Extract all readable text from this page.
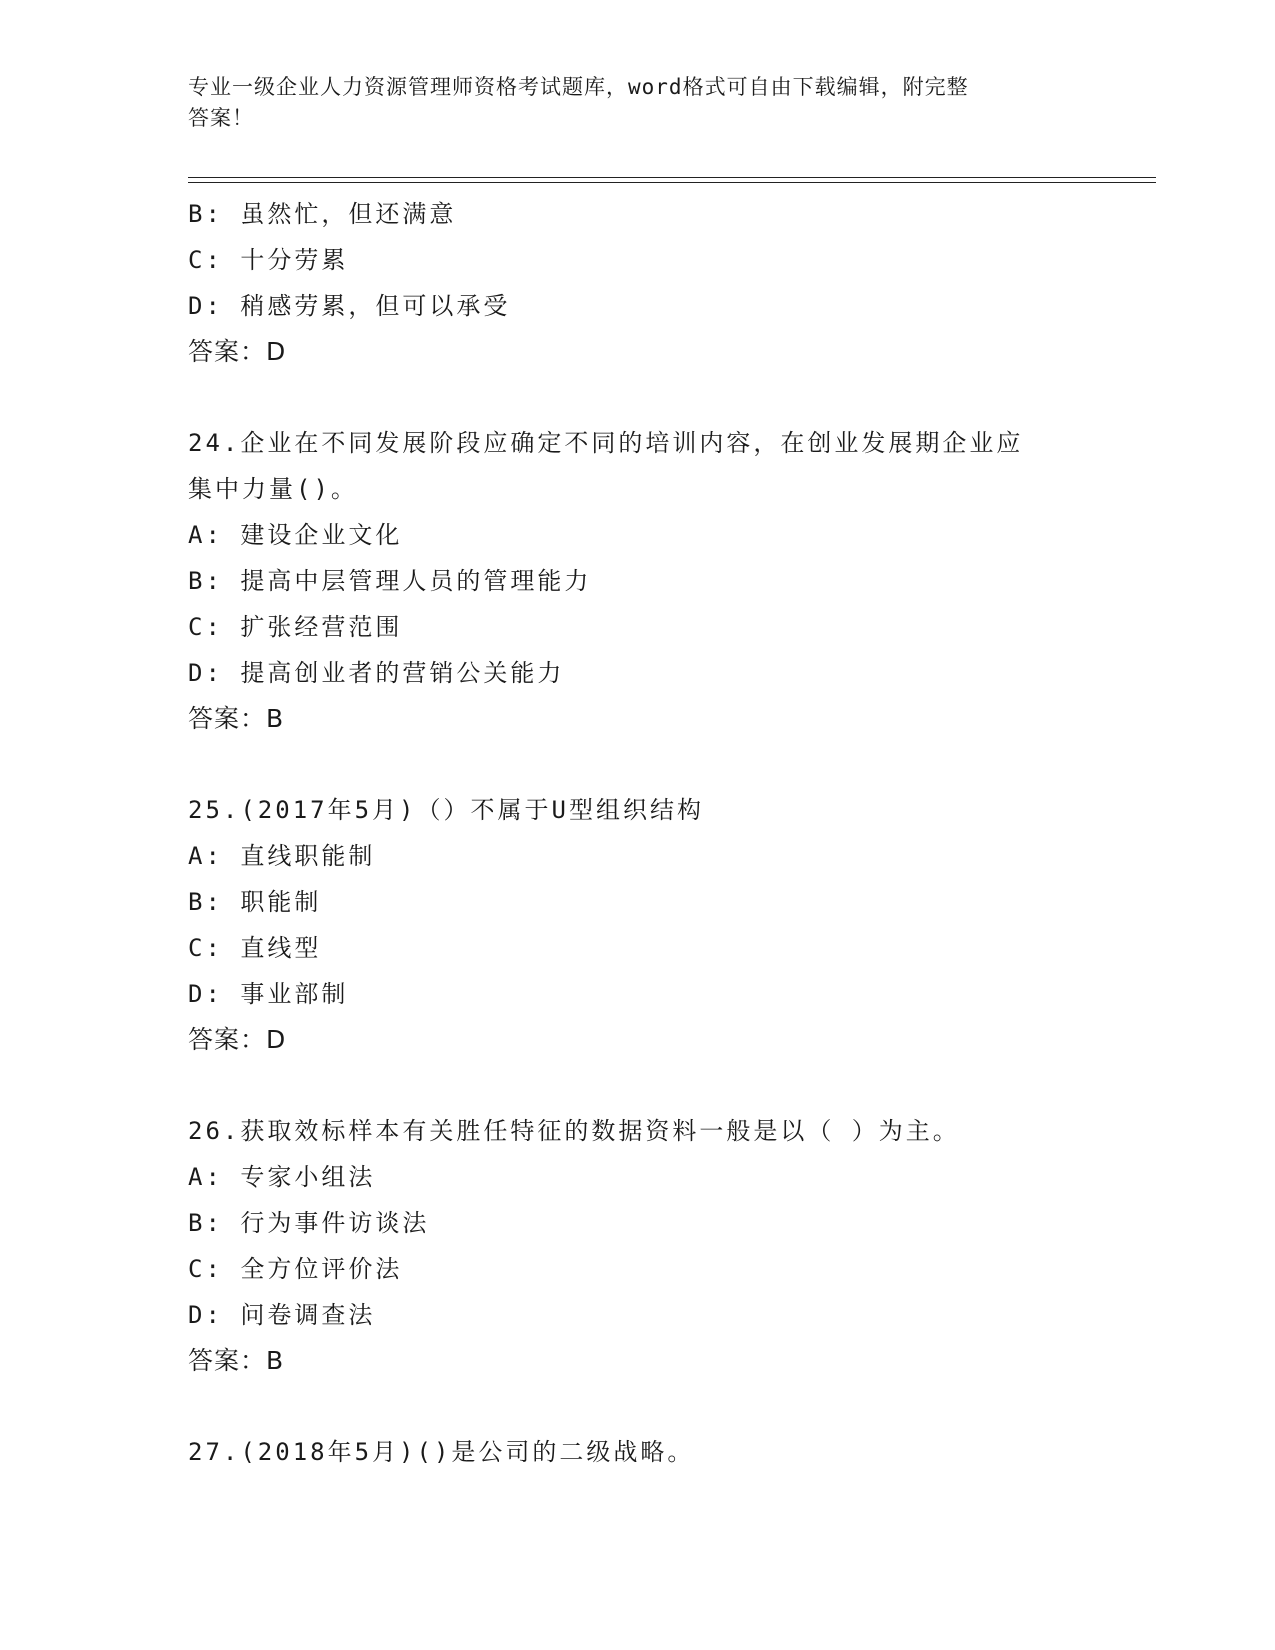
专业一级企业人力资源管理师资格考试题库，word格式可自由下载编辑，附完整
答案！
B: 虽然忙，但还满意
C: 十分劳累
D: 稍感劳累，但可以承受
答案：D
24.企业在不同发展阶段应确定不同的培训内容，在创业发展期企业应
集中力量()。
A: 建设企业文化
B: 提高中层管理人员的管理能力
C: 扩张经营范围
D: 提高创业者的营销公关能力
答案：B
25.(2017年5月)（）不属于U型组织结构
A: 直线职能制
B: 职能制
C: 直线型
D: 事业部制
答案：D
26.获取效标样本有关胜任特征的数据资料一般是以（ ）为主。
A: 专家小组法
B: 行为事件访谈法
C: 全方位评价法
D: 问卷调查法
答案：B
27.(2018年5月)()是公司的二级战略。
